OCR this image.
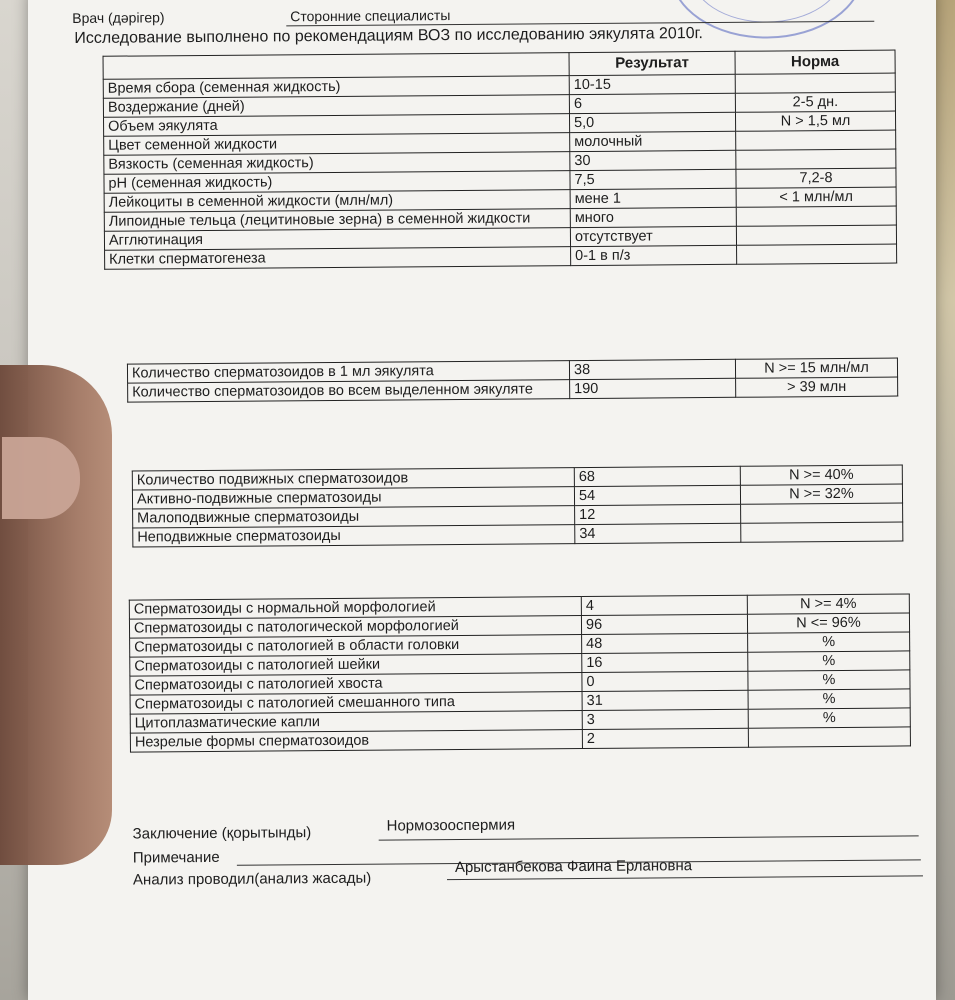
Врач (дәрігер)	Сторонние специалисты
Исследование выполнено по рекомендациям ВОЗ по исследованию эякулята 2010г.
	Результат	Норма
Время сбора (семенная жидкость)	10-15	
Воздержание (дней)	6	2-5 дн.
Объем эякулята	5,0	N > 1,5 мл
Цвет семенной жидкости	молочный	
Вязкость (семенная жидкость)	30	
pH (семенная жидкость)	7,5	7,2-8
Лейкоциты в семенной жидкости (млн/мл)	мене 1	< 1 млн/мл
Липоидные тельца (лецитиновые зерна) в семенной жидкости	много	
Агглютинация	отсутствует	
Клетки сперматогенеза	0-1 в п/з	
Количество сперматозоидов в 1 мл эякулята	38	N >= 15 млн/мл
Количество сперматозоидов во всем выделенном эякуляте	190	> 39 млн
Количество подвижных сперматозоидов	68	N >= 40%
Активно-подвижные сперматозоиды	54	N >= 32%
Малоподвижные сперматозоиды	12	
Неподвижные сперматозоиды	34	
Сперматозоиды с нормальной морфологией	4	N >= 4%
Сперматозоиды с патологической морфологией	96	N <= 96%
Сперматозоиды с патологией в области головки	48	%
Сперматозоиды с патологией шейки	16	%
Сперматозоиды с патологией хвоста	0	%
Сперматозоиды с патологией смешанного типа	31	%
Цитоплазматические капли	3	%
Незрелые формы сперматозоидов	2	
Заключение (қорытынды)	Нормозооспермия
Примечание
Анализ проводил(анализ жасады)
Арыстанбекова Фаина Ерлановна
